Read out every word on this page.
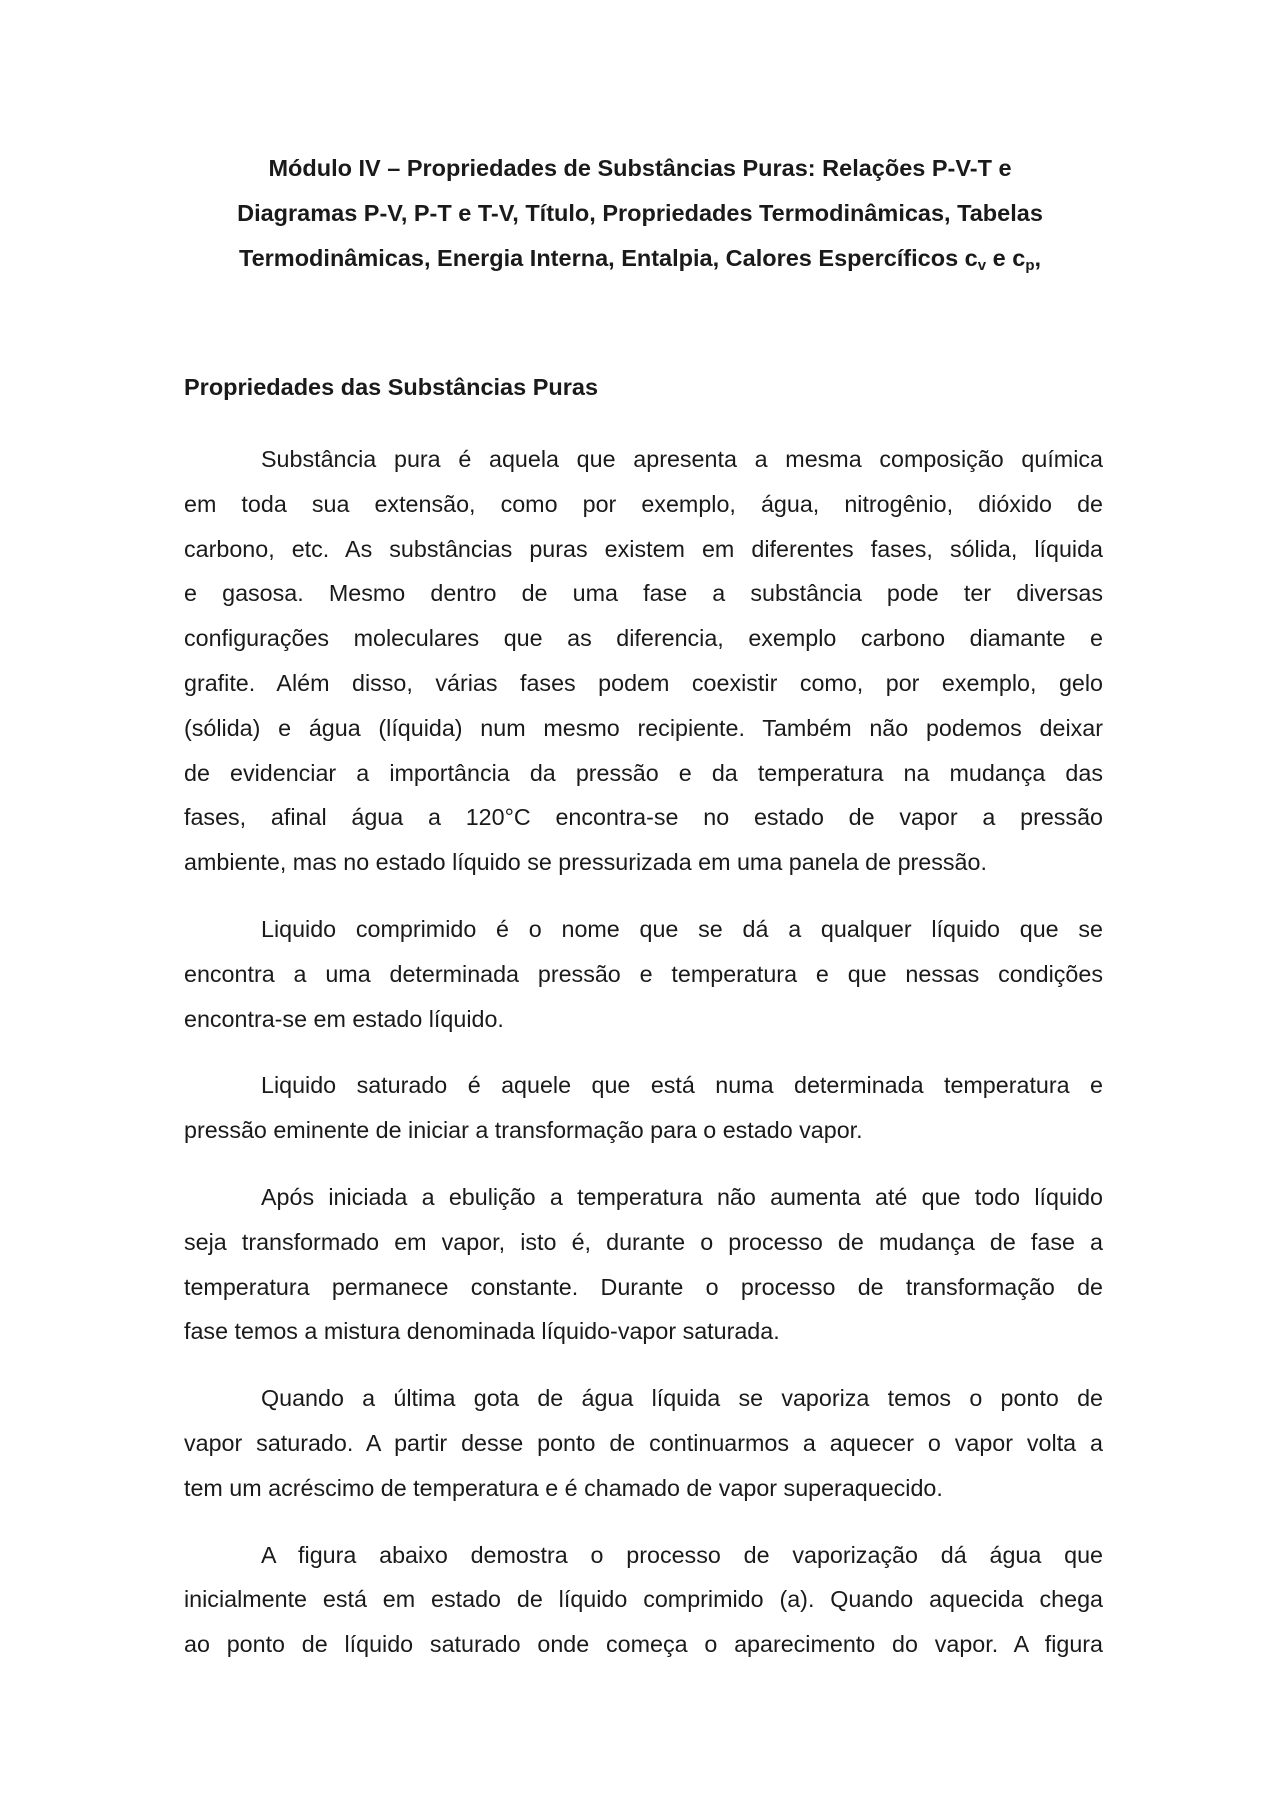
Módulo IV – Propriedades de Substâncias Puras: Relações P-V-T e
Diagramas P-V, P-T e T-V, Título, Propriedades Termodinâmicas, Tabelas
Termodinâmicas, Energia Interna, Entalpia, Calores Espercíficos $c_v$ e $c_p$,
Propriedades das Substâncias Puras

Substância pura é aquela que apresenta a mesma composição química
em toda sua extensão, como por exemplo, água, nitrogênio, dióxido de
carbono, etc. As substâncias puras existem em diferentes fases, sólida, líquida
e gasosa. Mesmo dentro de uma fase a substância pode ter diversas
configurações moleculares que as diferencia, exemplo carbono diamante e
grafite. Além disso, várias fases podem coexistir como, por exemplo, gelo
(sólida) e água (líquida) num mesmo recipiente. Também não podemos deixar
de evidenciar a importância da pressão e da temperatura na mudança das
fases, afinal água a 120°C encontra-se no estado de vapor a pressão
ambiente, mas no estado líquido se pressurizada em uma panela de pressão.

Liquido comprimido é o nome que se dá a qualquer líquido que se
encontra a uma determinada pressão e temperatura e que nessas condições
encontra-se em estado líquido.

Liquido saturado é aquele que está numa determinada temperatura e
pressão eminente de iniciar a transformação para o estado vapor.

Após iniciada a ebulição a temperatura não aumenta até que todo líquido
seja transformado em vapor, isto é, durante o processo de mudança de fase a
temperatura permanece constante. Durante o processo de transformação de
fase temos a mistura denominada líquido-vapor saturada.

Quando a última gota de água líquida se vaporiza temos o ponto de
vapor saturado. A partir desse ponto de continuarmos a aquecer o vapor volta a
tem um acréscimo de temperatura e é chamado de vapor superaquecido.

A figura abaixo demostra o processo de vaporização dá água que
inicialmente está em estado de líquido comprimido (a). Quando aquecida chega
ao ponto de líquido saturado onde começa o aparecimento do vapor. A figura
